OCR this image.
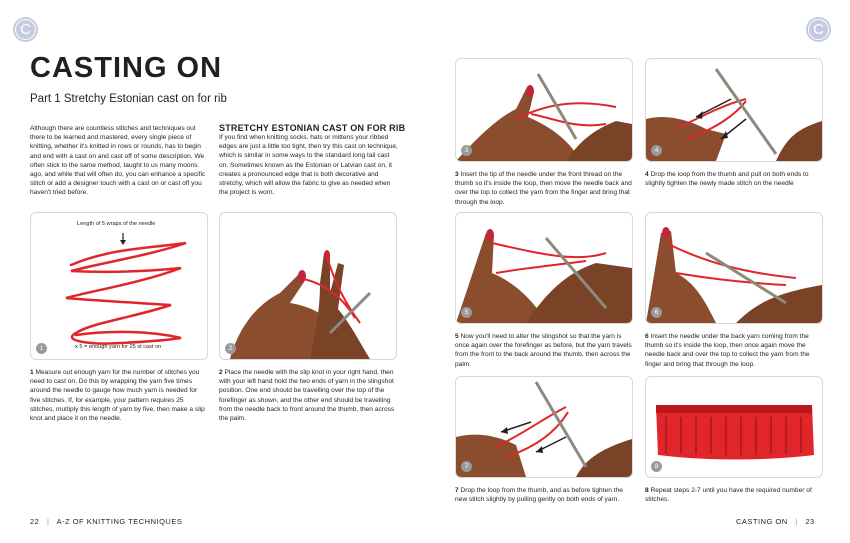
C	C
CASTING ON
Part 1 Stretchy Estonian cast on for rib
Although there are countless stitches and techniques out there to be learned and mastered, every single piece of knitting, whether it's knitted in rows or rounds, has to begin and end with a cast on and cast off of some description. We often stick to the same method, taught to us many moons ago, and while that will often do, you can enhance a specific stitch or add a designer touch with a cast on or cast off you haven't tried before.
STRETCHY ESTONIAN CAST ON FOR RIB
If you find when knitting socks, hats or mittens your ribbed edges are just a little too tight, then try this cast on technique, which is similar in some ways to the standard long tail cast on. Sometimes known as the Estonian or Latvian cast on, it creates a pronounced edge that is both decorative and stretchy, which will allow the fabric to give as needed when the project is worn.
Length of 5 wraps of the needle
x 5 = enough yarn for 25 st cast on
1	2
1 Measure out enough yarn for the number of stitches you need to cast on. Do this by wrapping the yarn five times around the needle to gauge how much yarn is needed for five stitches. If, for example, your pattern requires 25 stitches, multiply this length of yarn by five, then make a slip knot and place it on the needle.
2 Place the needle with the slip knot in your right hand, then with your left hand hold the two ends of yarn in the slingshot position. One end should be travelling over the top of the forefinger as shown, and the other end should be travelling from the needle back to front around the thumb, then across the palm.
3	4
3 Insert the tip of the needle under the front thread on the thumb so it's inside the loop, then move the needle back and over the top to collect the yarn from the finger and bring that through the loop.
4 Drop the loop from the thumb and pull on both ends to slightly tighten the newly made stitch on the needle
5	6
5 Now you'll need to alter the slingshot so that the yarn is once again over the forefinger as before, but the yarn travels from the front to the back around the thumb, then across the palm.
6 Insert the needle under the back yarn coming from the thumb so it's inside the loop, then once again move the needle back and over the top to collect the yarn from the finger and bring that through the loop.
7	8
7 Drop the loop from the thumb, and as before tighten the new stitch slightly by pulling gently on both ends of yarn.
8 Repeat steps 2-7 until you have the required number of stitches.
22 | A-Z OF KNITTING TECHNIQUES	CASTING ON | 23
